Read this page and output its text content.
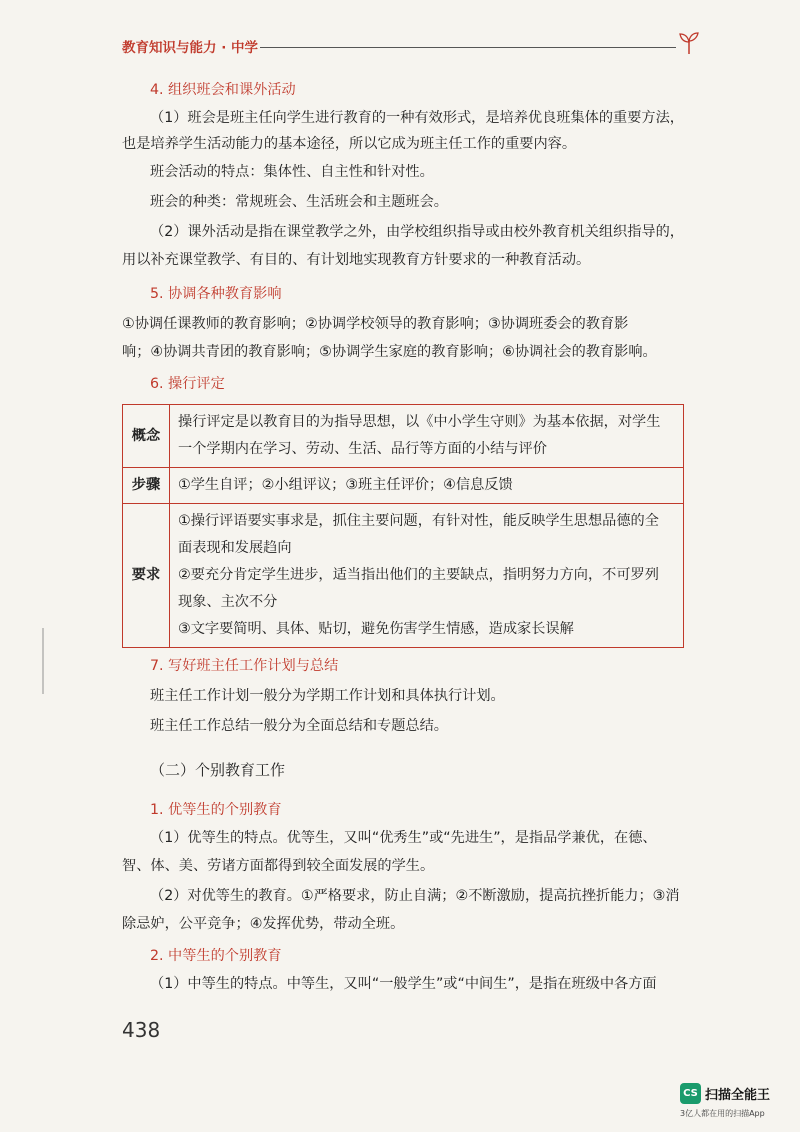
教育知识与能力 · 中学
4. 组织班会和课外活动
（1）班会是班主任向学生进行教育的一种有效形式，是培养优良班集体的重要方法，
也是培养学生活动能力的基本途径，所以它成为班主任工作的重要内容。
班会活动的特点：集体性、自主性和针对性。
班会的种类：常规班会、生活班会和主题班会。
（2）课外活动是指在课堂教学之外，由学校组织指导或由校外教育机关组织指导的，
用以补充课堂教学、有目的、有计划地实现教育方针要求的一种教育活动。
5. 协调各种教育影响
①协调任课教师的教育影响；②协调学校领导的教育影响；③协调班委会的教育影
响；④协调共青团的教育影响；⑤协调学生家庭的教育影响；⑥协调社会的教育影响。
6. 操行评定
概念	操行评定是以教育目的为指导思想，以《中小学生守则》为基本依据，对学生
一个学期内在学习、劳动、生活、品行等方面的小结与评价

步骤	①学生自评；②小组评议；③班主任评价；④信息反馈

要求	①操行评语要实事求是，抓住主要问题，有针对性，能反映学生思想品德的全
面表现和发展趋向
②要充分肯定学生进步，适当指出他们的主要缺点，指明努力方向，不可罗列
现象、主次不分
③文字要简明、具体、贴切，避免伤害学生情感，造成家长误解
7. 写好班主任工作计划与总结
班主任工作计划一般分为学期工作计划和具体执行计划。
班主任工作总结一般分为全面总结和专题总结。
（二）个别教育工作
1. 优等生的个别教育
（1）优等生的特点。优等生，又叫“优秀生”或“先进生”，是指品学兼优，在德、
智、体、美、劳诸方面都得到较全面发展的学生。
（2）对优等生的教育。①严格要求，防止自满；②不断激励，提高抗挫折能力；③消
除忌妒，公平竞争；④发挥优势，带动全班。
2. 中等生的个别教育
（1）中等生的特点。中等生，又叫“一般学生”或“中间生”，是指在班级中各方面
438
CS 扫描全能王
3亿人都在用的扫描App
